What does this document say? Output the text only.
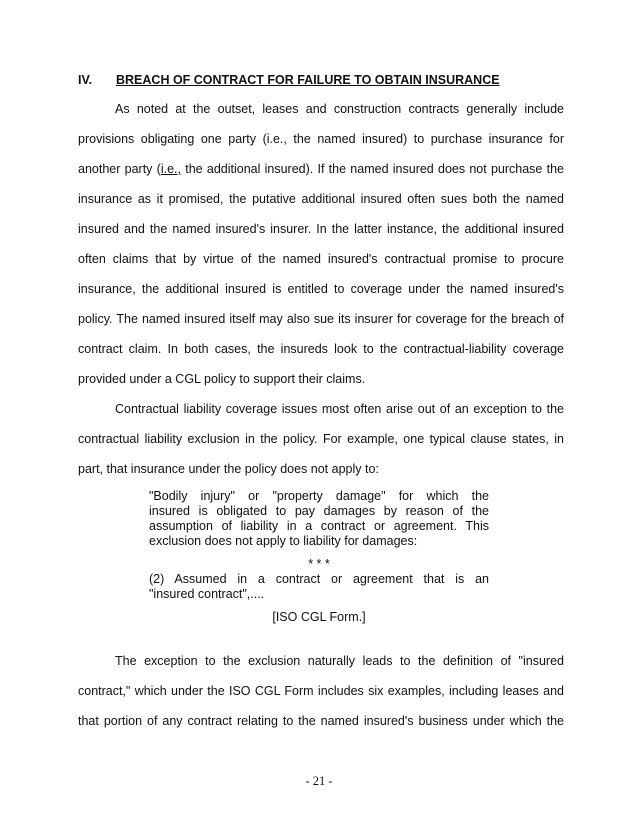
IV. BREACH OF CONTRACT FOR FAILURE TO OBTAIN INSURANCE
As noted at the outset, leases and construction contracts generally include
provisions obligating one party (i.e., the named insured) to purchase insurance for
another party (i.e., the additional insured). If the named insured does not purchase the
insurance as it promised, the putative additional insured often sues both the named
insured and the named insured's insurer. In the latter instance, the additional insured
often claims that by virtue of the named insured's contractual promise to procure
insurance, the additional insured is entitled to coverage under the named insured's
policy. The named insured itself may also sue its insurer for coverage for the breach of
contract claim. In both cases, the insureds look to the contractual-liability coverage
provided under a CGL policy to support their claims.
Contractual liability coverage issues most often arise out of an exception to the
contractual liability exclusion in the policy. For example, one typical clause states, in
part, that insurance under the policy does not apply to:
"Bodily injury" or "property damage" for which the
insured is obligated to pay damages by reason of the
assumption of liability in a contract or agreement. This
exclusion does not apply to liability for damages:
* * *
(2) Assumed in a contract or agreement that is an
"insured contract",....
[ISO CGL Form.]
The exception to the exclusion naturally leads to the definition of "insured
contract," which under the ISO CGL Form includes six examples, including leases and
that portion of any contract relating to the named insured's business under which the
- 21 -
